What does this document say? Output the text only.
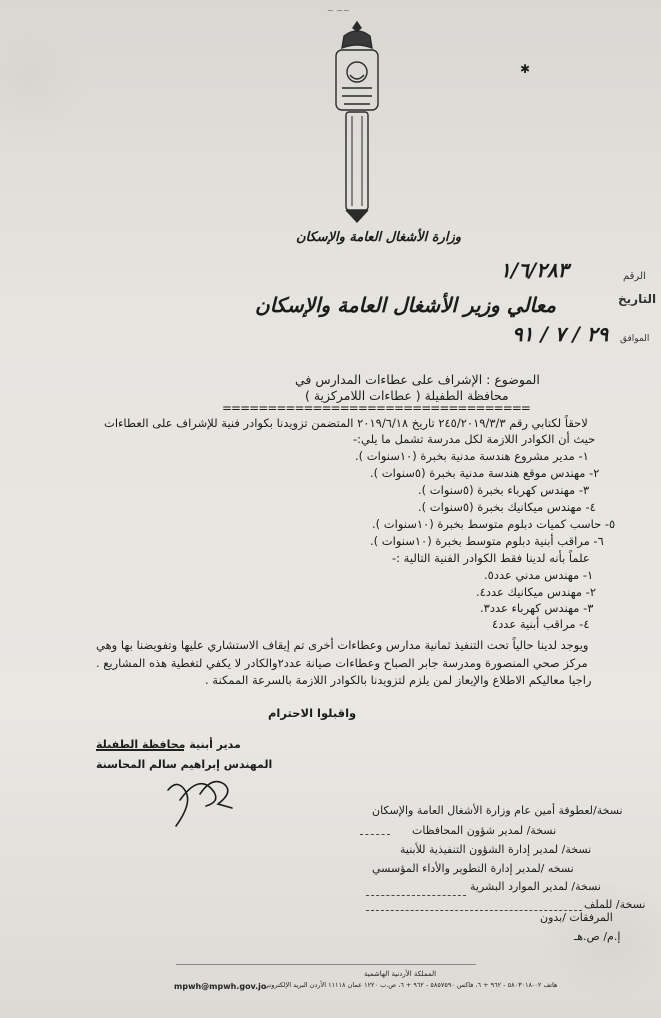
~ ~~
وزارة الأشغال العامة والإسكان
✱
الرقم
١/٦/٢٨٣
التاريخ
الموافق
٢٩ / ٧ / ٩١
معالي وزير الأشغال العامة والإسكان
الموضوع : الإشراف على عطاءات المدارس في
محافظة الطفيلة ( عطاءات اللامركزية )
==================================
لاحقاً لكتابي رقم ٢٤٥/٢٠١٩/٣/٣ تاريخ ٢٠١٩/٦/١٨ المتضمن تزويدنا بكوادر فنية للإشراف على العطاءات
حيث أن الكوادر اللازمة لكل مدرسة تشمل ما يلي:-
١- مدير مشروع هندسة مدنية بخبرة (١٠سنوات ).
٢- مهندس موقع هندسة مدنية بخبرة (٥سنوات ).
٣- مهندس كهرباء بخبرة (٥سنوات ).
٤- مهندس ميكانيك بخبرة (٥سنوات ).
٥- حاسب كميات دبلوم متوسط بخبرة (١٠سنوات ).
٦- مراقب أبنية دبلوم متوسط بخبرة (١٠سنوات ).
علماً بأنه لدينا فقط الكوادر الفنية التالية :-
١- مهندس مدني عدد٥.
٢- مهندس ميكانيك عدد٤.
٣- مهندس كهرباء عدد٣.
٤- مراقب أبنية عدد٤
ويوجد لدينا حالياً تحت التنفيذ ثمانية مدارس وعطاءات أخرى تم إيقاف الاستشاري عليها وتفويضنا بها وهي
مركز صحي المنصورة ومدرسة جابر الصباح وعطاءات صيانة عدد٢والكادر لا يكفي لتغطية هذه المشاريع .
راجيا معاليكم الاطلاع والإيعاز لمن يلزم لتزويدنا بالكوادر اللازمة بالسرعة الممكنة .
واقبلوا الاحترام
مدير أبنية محافظة الطفيلة
المهندس إبراهيم سالم المحاسنة
نسخة/لعطوفة أمين عام وزارة الأشغال العامة والإسكان
نسخة/ لمدير شؤون المحافظات
نسخة/ لمدير إدارة الشؤون التنفيذية للأبنية
نسخه /لمدير إدارة التطوير والأداء المؤسسي
نسخة/ لمدير الموارد البشرية
نسخة/ للملف
المرفقات /بدون
إ.م/ ص.هـ
المملكة الأردنية الهاشمية
هاتف ٠٢-٥٨٠٣٠١٨ - ٩٦٢ + ٦، فاكس ٥٨٥٧٥٩٠ - ٩٦٢ + ٦، ص.ب ١٢٢٠ عمان ١١١١٨ الأردن البريد الإلكتروني
mpwh@mpwh.gov.jo
